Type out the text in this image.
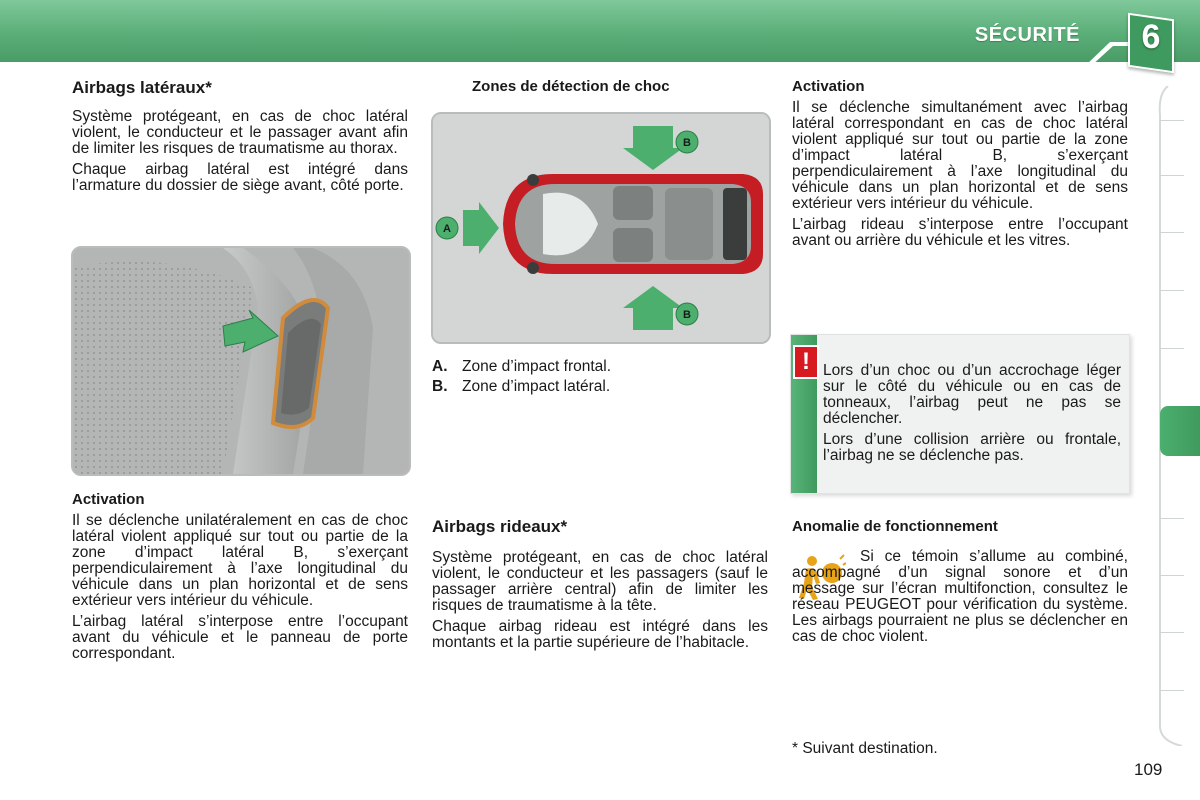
SÉCURITÉ	6
Airbags latéraux*

Système protégeant, en cas de choc latéral violent, le conducteur et le passager avant afin de limiter les risques de traumatisme au thorax.

Chaque airbag latéral est intégré dans l’armature du dossier de siège avant, côté porte.

Activation

Il se déclenche unilatéralement en cas de choc latéral violent appliqué sur tout ou partie de la zone d’impact latéral B, s’exerçant perpendiculairement à l’axe longitudinal du véhicule dans un plan horizontal et de sens extérieur vers intérieur du véhicule.

L’airbag latéral s’interpose entre l’occupant avant du véhicule et le panneau de porte correspondant.

Zones de détection de choc
A
B
B
A. Zone d’impact frontal.
B. Zone d’impact latéral.
Airbags rideaux*

Système protégeant, en cas de choc latéral violent, le conducteur et les passagers (sauf le passager arrière central) afin de limiter les risques de traumatisme à la tête.

Chaque airbag rideau est intégré dans les montants et la partie supérieure de l’habitacle.

Activation

Il se déclenche simultanément avec l’airbag latéral correspondant en cas de choc latéral violent appliqué sur tout ou partie de la zone d’impact latéral B, s’exerçant perpendiculairement à l’axe longitudinal du véhicule dans un plan horizontal et de sens extérieur vers intérieur du véhicule.

L’airbag rideau s’interpose entre l’occupant avant ou arrière du véhicule et les vitres.

! Lors d’un choc ou d’un accrochage léger sur le côté du véhicule ou en cas de tonneaux, l’airbag peut ne pas se déclencher.

Lors d’une collision arrière ou frontale, l’airbag ne se déclenche pas.

Anomalie de fonctionnement
Si ce témoin s’allume au combiné, accompagné d’un signal sonore et d’un message sur l’écran multifonction, consultez le réseau PEUGEOT pour vérification du système. Les airbags pourraient ne plus se déclencher en cas de choc violent.
* Suivant destination.
109
